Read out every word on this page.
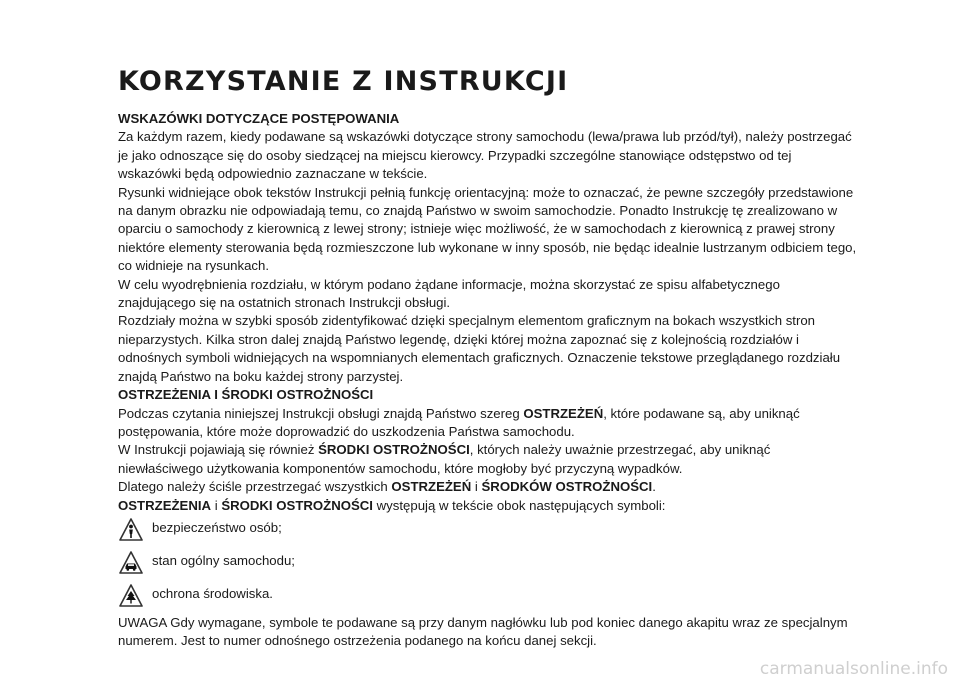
KORZYSTANIE Z INSTRUKCJI

WSKAZÓWKI DOTYCZĄCE POSTĘPOWANIA

Za każdym razem, kiedy podawane są wskazówki dotyczące strony samochodu (lewa/prawa lub przód/tył), należy postrzegać je jako odnoszące się do osoby siedzącej na miejscu kierowcy. Przypadki szczególne stanowiące odstępstwo od tej wskazówki będą odpowiednio zaznaczane w tekście.

Rysunki widniejące obok tekstów Instrukcji pełnią funkcję orientacyjną: może to oznaczać, że pewne szczegóły przedstawione na danym obrazku nie odpowiadają temu, co znajdą Państwo w swoim samochodzie. Ponadto Instrukcję tę zrealizowano w oparciu o samochody z kierownicą z lewej strony; istnieje więc możliwość, że w samochodach z kierownicą z prawej strony niektóre elementy sterowania będą rozmieszczone lub wykonane w inny sposób, nie będąc idealnie lustrzanym odbiciem tego, co widnieje na rysunkach.

W celu wyodrębnienia rozdziału, w którym podano żądane informacje, można skorzystać ze spisu alfabetycznego znajdującego się na ostatnich stronach Instrukcji obsługi.

Rozdziały można w szybki sposób zidentyfikować dzięki specjalnym elementom graficznym na bokach wszystkich stron nieparzystych. Kilka stron dalej znajdą Państwo legendę, dzięki której można zapoznać się z kolejnością rozdziałów i odnośnych symboli widniejących na wspomnianych elementach graficznych. Oznaczenie tekstowe przeglądanego rozdziału znajdą Państwo na boku każdej strony parzystej.

OSTRZEŻENIA I ŚRODKI OSTROŻNOŚCI

Podczas czytania niniejszej Instrukcji obsługi znajdą Państwo szereg OSTRZEŻEŃ, które podawane są, aby uniknąć postępowania, które może doprowadzić do uszkodzenia Państwa samochodu.

W Instrukcji pojawiają się również ŚRODKI OSTROŻNOŚCI, których należy uważnie przestrzegać, aby uniknąć niewłaściwego użytkowania komponentów samochodu, które mogłoby być przyczyną wypadków.

Dlatego należy ściśle przestrzegać wszystkich OSTRZEŻEŃ i ŚRODKÓW OSTROŻNOŚCI.

OSTRZEŻENIA i ŚRODKI OSTROŻNOŚCI występują w tekście obok następujących symboli:

bezpieczeństwo osób;
stan ogólny samochodu;
ochrona środowiska.

UWAGA Gdy wymagane, symbole te podawane są przy danym nagłówku lub pod koniec danego akapitu wraz ze specjalnym numerem. Jest to numer odnośnego ostrzeżenia podanego na końcu danej sekcji.

carmanualsonline.info
